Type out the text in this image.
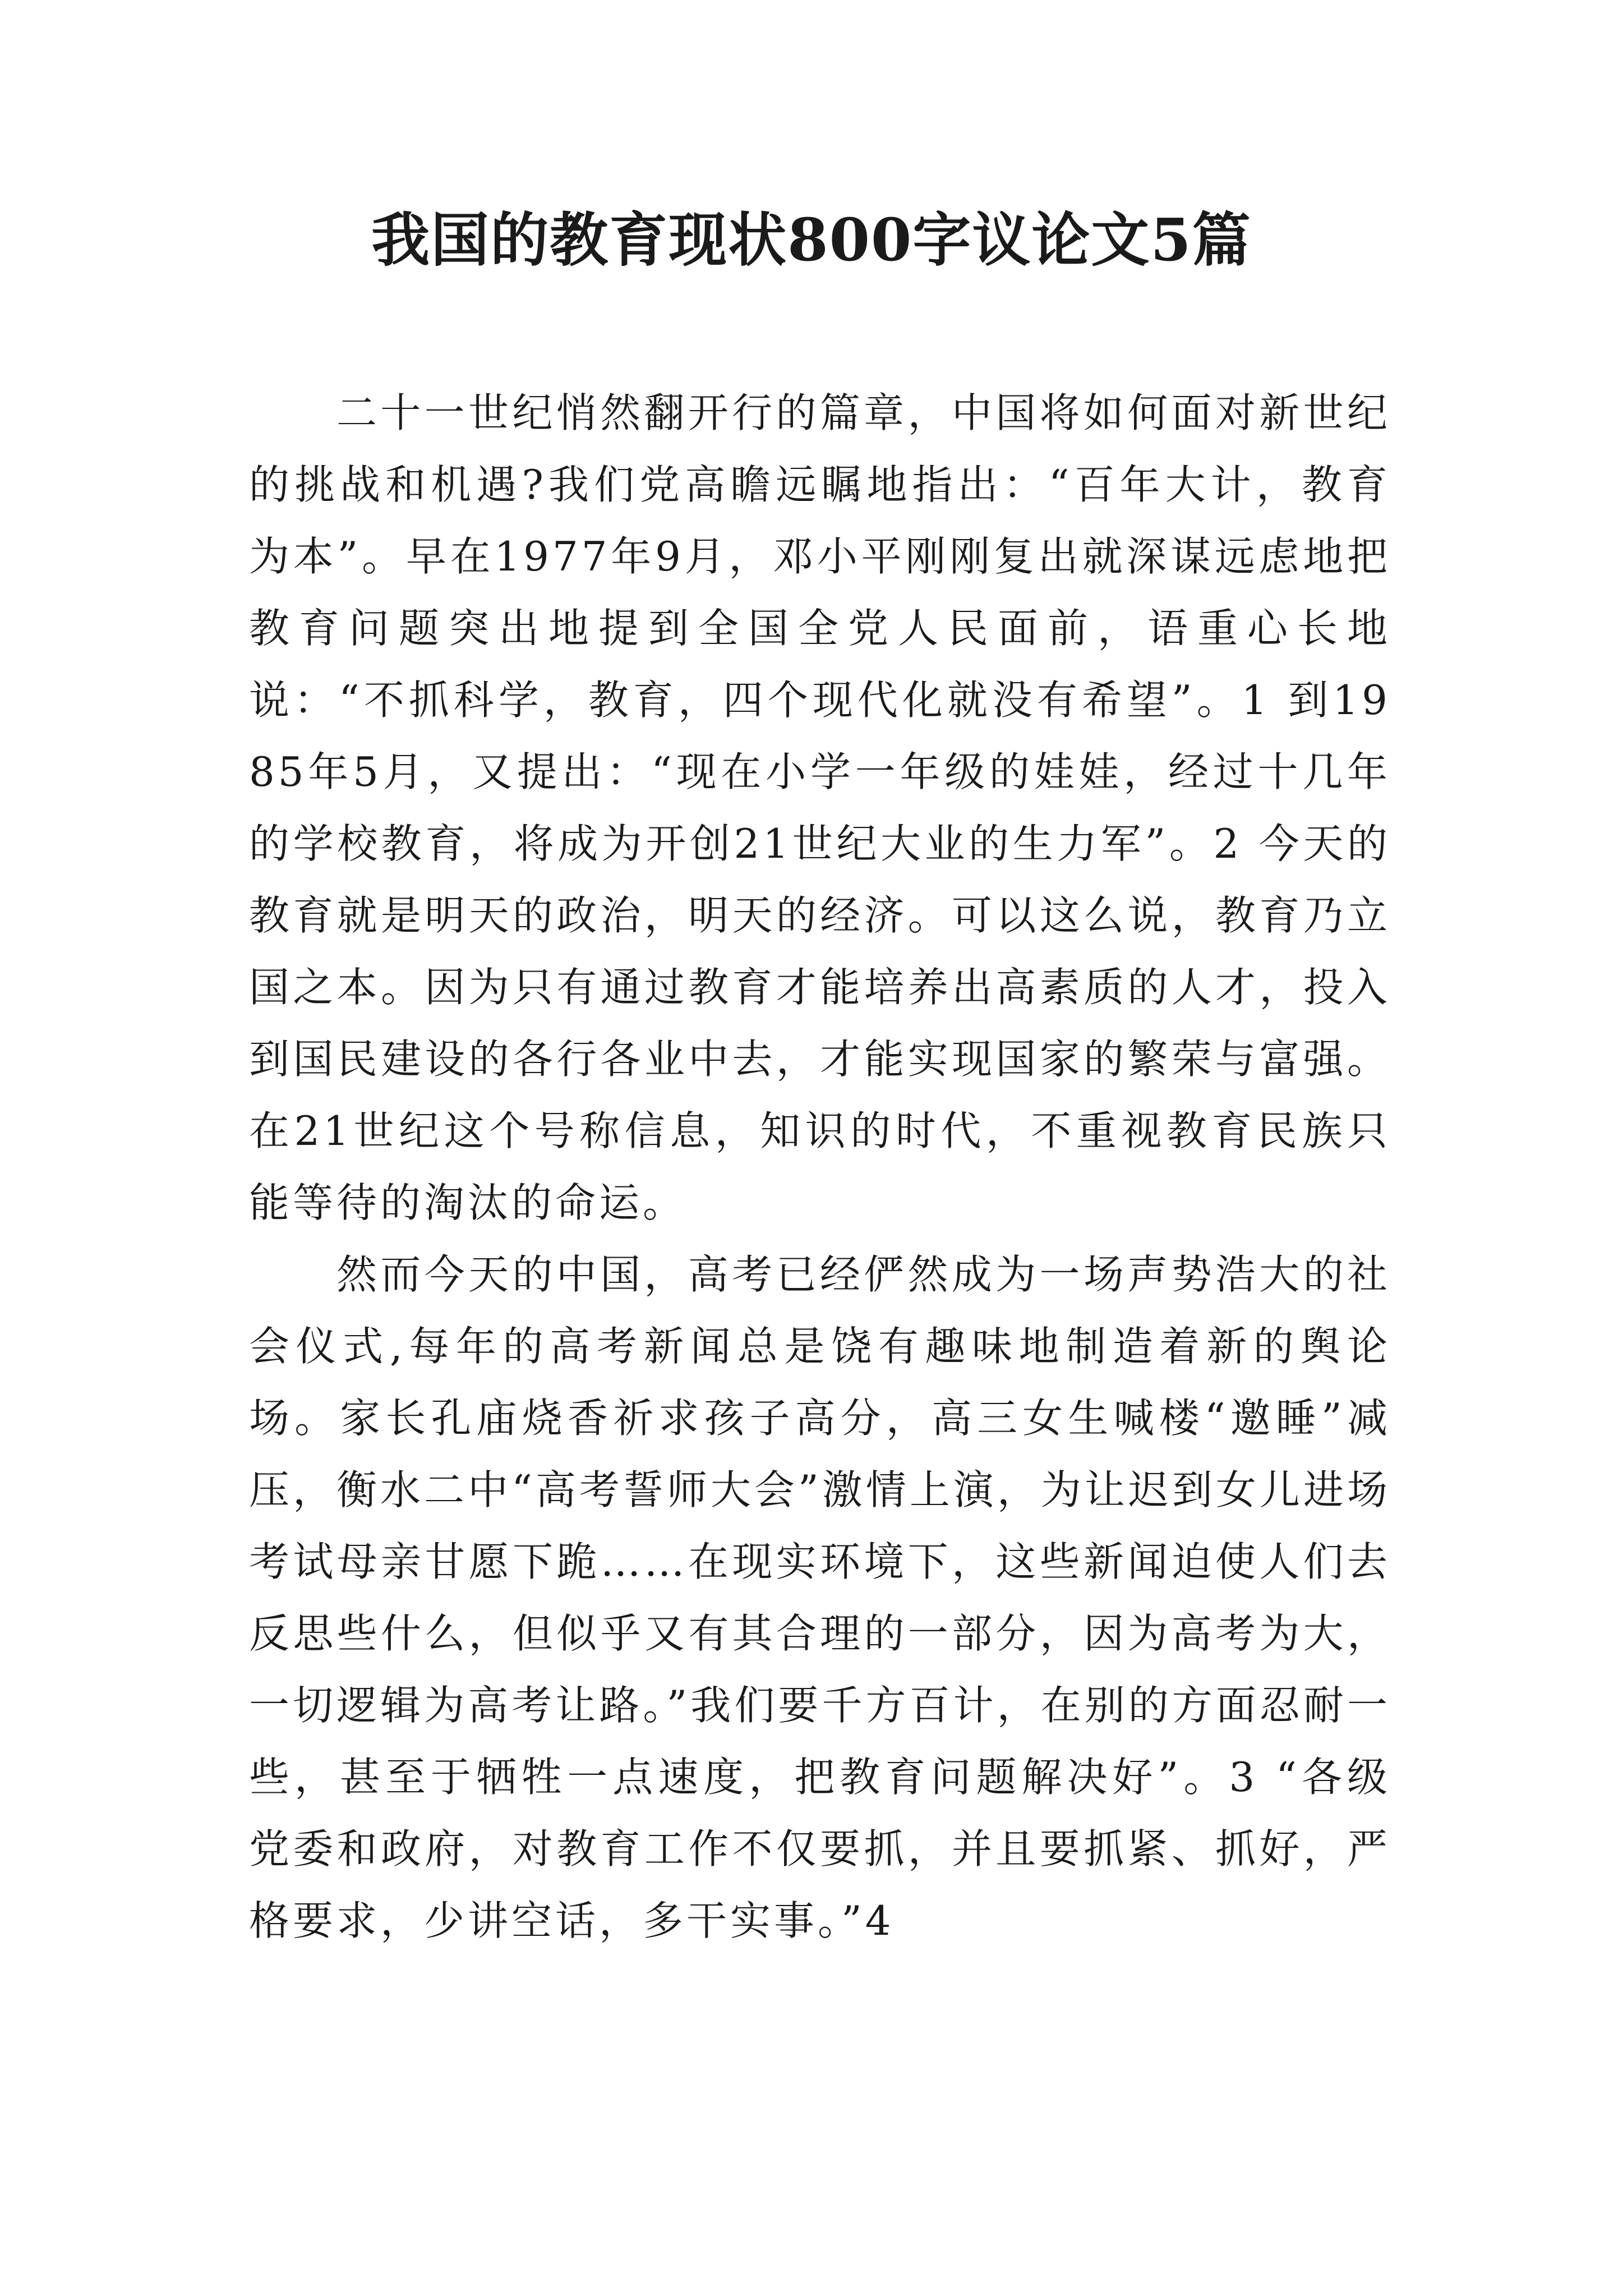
我国的教育现状800字议论文5篇

二十一世纪悄然翻开行的篇章，中国将如何面对新世纪的挑战和机遇?我们党高瞻远瞩地指出：“百年大计，教育为本”。早在1977年9月，邓小平刚刚复出就深谋远虑地把教育问题突出地提到全国全党人民面前，语重心长地说：“不抓科学，教育，四个现代化就没有希望”。1 到1985年5月，又提出：“现在小学一年级的娃娃，经过十几年的学校教育，将成为开创21世纪大业的生力军”。2 今天的教育就是明天的政治，明天的经济。可以这么说，教育乃立国之本。因为只有通过教育才能培养出高素质的人才，投入到国民建设的各行各业中去，才能实现国家的繁荣与富强。在21世纪这个号称信息，知识的时代，不重视教育民族只能等待的淘汰的命运。

然而今天的中国，高考已经俨然成为一场声势浩大的社会仪式,每年的高考新闻总是饶有趣味地制造着新的舆论场。家长孔庙烧香祈求孩子高分，高三女生喊楼“邀睡”减压，衡水二中“高考誓师大会”激情上演，为让迟到女儿进场考试母亲甘愿下跪……在现实环境下，这些新闻迫使人们去反思些什么，但似乎又有其合理的一部分，因为高考为大，一切逻辑为高考让路。”我们要千方百计，在别的方面忍耐一些，甚至于牺牲一点速度，把教育问题解决好”。3 “各级党委和政府，对教育工作不仅要抓，并且要抓紧、抓好，严格要求，少讲空话，多干实事。”4
